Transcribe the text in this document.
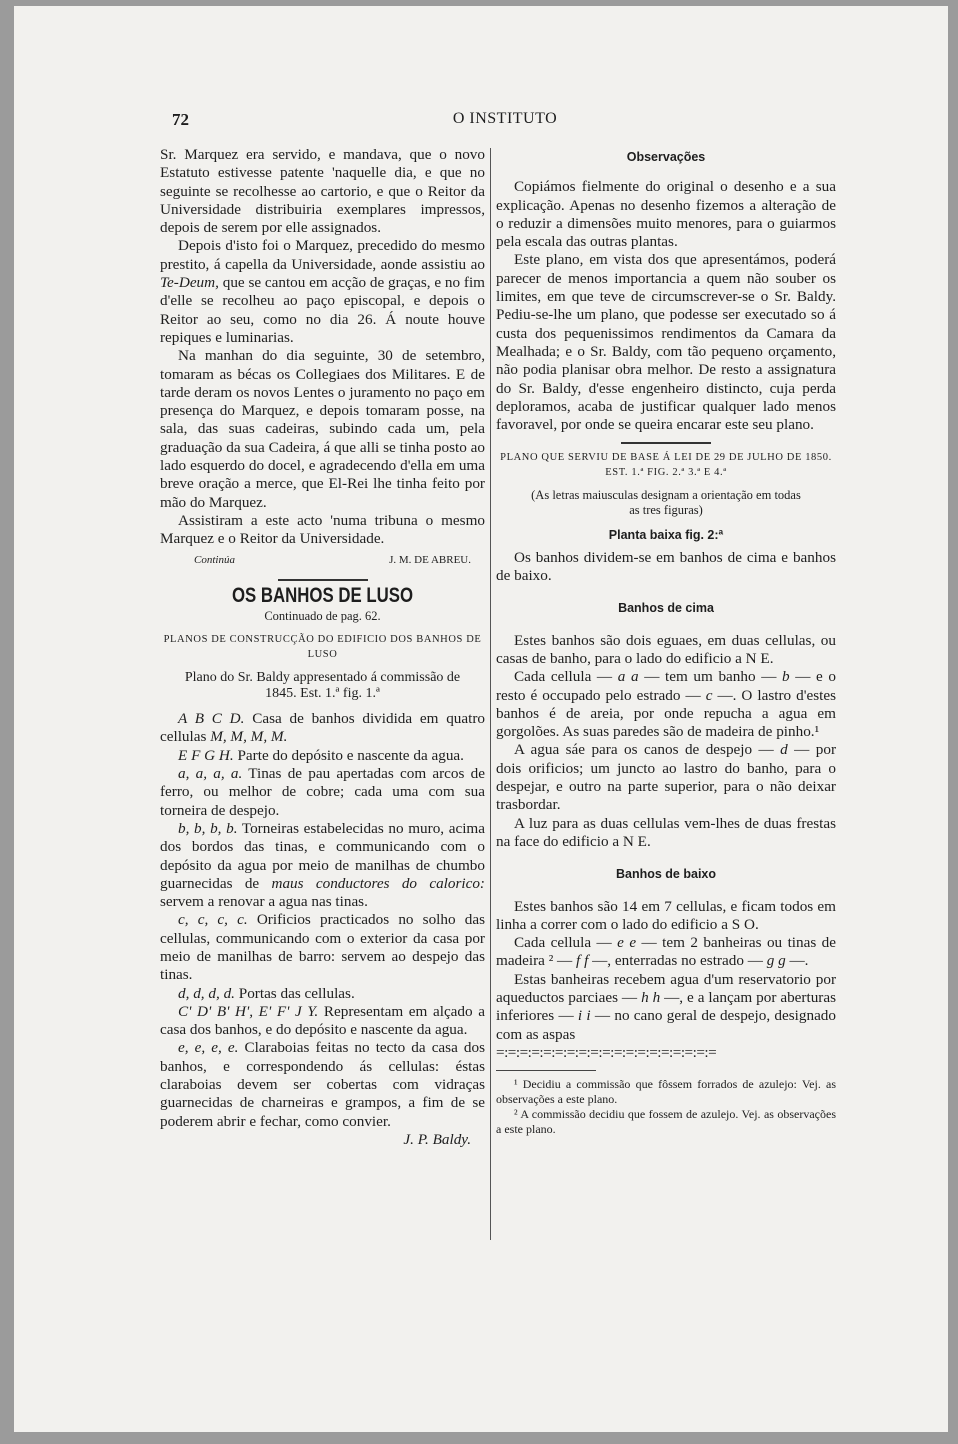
72	O INSTITUTO

Sr. Marquez era servido, e mandava, que o novo Estatuto estivesse patente 'naquelle dia, e que no seguinte se recolhesse ao cartorio, e que o Reitor da Universidade distribuiria exemplares impressos, depois de serem por elle assignados.

Depois d'isto foi o Marquez, precedido do mesmo prestito, á capella da Universidade, aonde assistiu ao Te-Deum, que se cantou em acção de graças, e no fim d'elle se recolheu ao paço episcopal, e depois o Reitor ao seu, como no dia 26. Á noute houve repiques e luminarias.

Na manhan do dia seguinte, 30 de setembro, tomaram as bécas os Collegiaes dos Militares. E de tarde deram os novos Lentes o juramento no paço em presença do Marquez, e depois tomaram posse, na sala, das suas cadeiras, subindo cada um, pela graduação da sua Cadeira, á que alli se tinha posto ao lado esquerdo do docel, e agradecendo d'ella em uma breve oração a merce, que El-Rei lhe tinha feito por mão do Marquez.

Assistiram a este acto 'numa tribuna o mesmo Marquez e o Reitor da Universidade.

Continúa	J. M. DE ABREU.
OS BANHOS DE LUSO

Continuado de pag. 62.

PLANOS DE CONSTRUCÇÃO DO EDIFICIO DOS BANHOS DE LUSO

Plano do Sr. Baldy appresentado á commissão de 1845. Est. 1.ª fig. 1.ª

A B C D. Casa de banhos dividida em quatro cellulas M, M, M, M.

E F G H. Parte do depósito e nascente da agua.

a, a, a, a. Tinas de pau apertadas com arcos de ferro, ou melhor de cobre; cada uma com sua torneira de despejo.

b, b, b, b. Torneiras estabelecidas no muro, acima dos bordos das tinas, e communicando com o depósito da agua por meio de manilhas de chumbo guarnecidas de maus conductores do calorico: servem a renovar a agua nas tinas.

c, c, c, c. Orificios practicados no solho das cellulas, communicando com o exterior da casa por meio de manilhas de barro: servem ao despejo das tinas.

d, d, d, d. Portas das cellulas.

C' D' B' H', E' F' J Y. Representam em alçado a casa dos banhos, e do depósito e nascente da agua.

e, e, e, e. Claraboias feitas no tecto da casa dos banhos, e correspondendo ás cellulas: éstas claraboias devem ser cobertas com vidraças guarnecidas de charneiras e grampos, a fim de se poderem abrir e fechar, como convier.

J. P. Baldy.

Observações

Copiámos fielmente do original o desenho e a sua explicação. Apenas no desenho fizemos a alteração de o reduzir a dimensões muito menores, para o guiarmos pela escala das outras plantas.

Este plano, em vista dos que apresentámos, poderá parecer de menos importancia a quem não souber os limites, em que teve de circumscrever-se o Sr. Baldy. Pediu-se-lhe um plano, que podesse ser executado so á custa dos pequenissimos rendimentos da Camara da Mealhada; e o Sr. Baldy, com tão pequeno orçamento, não podia planisar obra melhor. De resto a assignatura do Sr. Baldy, d'esse engenheiro distincto, cuja perda deploramos, acaba de justificar qualquer lado menos favoravel, por onde se queira encarar este seu plano.

PLANO QUE SERVIU DE BASE Á LEI DE 29 DE JULHO DE 1850. EST. 1.ª FIG. 2.ª 3.ª E 4.ª

(As letras maiusculas designam a orientação em todas as tres figuras)

Planta baixa fig. 2:ª

Os banhos dividem-se em banhos de cima e banhos de baixo.

Banhos de cima

Estes banhos são dois eguaes, em duas cellulas, ou casas de banho, para o lado do edificio a N E.

Cada cellula — a a — tem um banho — b — e o resto é occupado pelo estrado — c —. O lastro d'estes banhos é de areia, por onde repucha a agua em gorgolões. As suas paredes são de madeira de pinho.¹

A agua sáe para os canos de despejo — d — por dois orificios; um juncto ao lastro do banho, para o despejar, e outro na parte superior, para o não deixar trasbordar.

A luz para as duas cellulas vem-lhes de duas frestas na face do edificio a N E.

Banhos de baixo

Estes banhos são 14 em 7 cellulas, e ficam todos em linha a correr com o lado do edificio a S O.

Cada cellula — e e — tem 2 banheiras ou tinas de madeira ² — f f —, enterradas no estrado — g g —.

Estas banheiras recebem agua d'um reservatorio por aqueductos parciaes — h h —, e a lançam por aberturas inferiores — i i — no cano geral de despejo, designado com as aspas

=:=:=:=:=:=:=:=:=:=:=:=:=:=:=:=:=:=:=

¹ Decidiu a commissão que fôssem forrados de azulejo: Vej. as observações a este plano.

² A commissão decidiu que fossem de azulejo. Vej. as observações a este plano.
